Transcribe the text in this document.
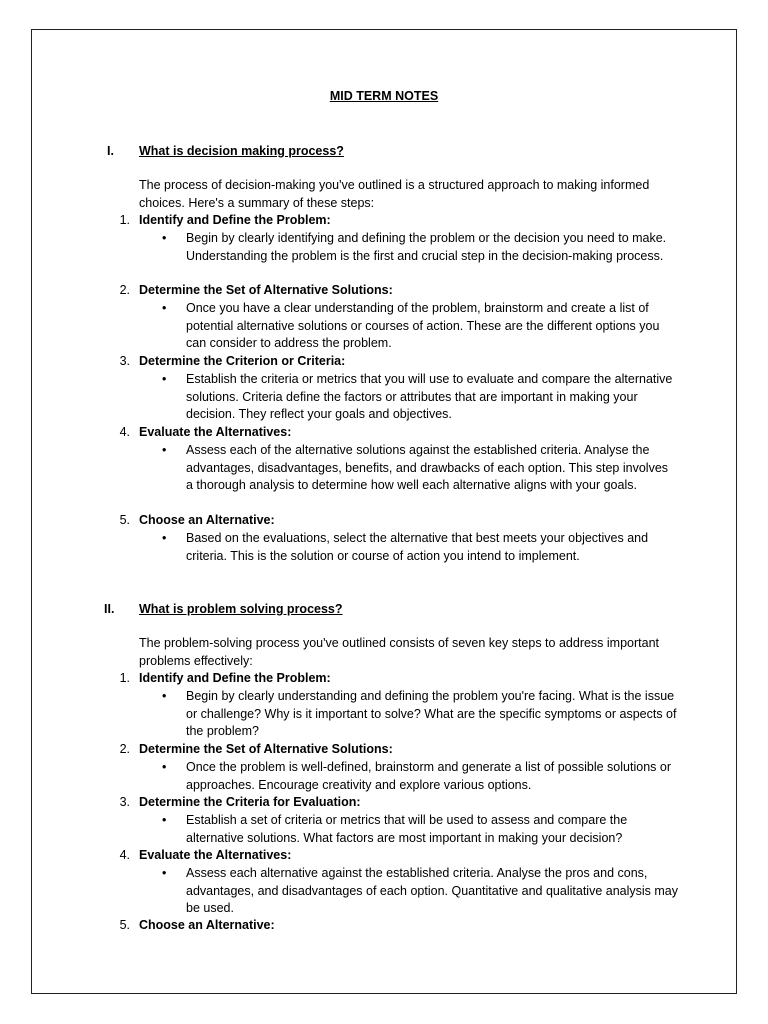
MID TERM NOTES
I. What is decision making process?
The process of decision-making you've outlined is a structured approach to making informed choices. Here's a summary of these steps:
1. Identify and Define the Problem:
• Begin by clearly identifying and defining the problem or the decision you need to make. Understanding the problem is the first and crucial step in the decision-making process.
2. Determine the Set of Alternative Solutions:
• Once you have a clear understanding of the problem, brainstorm and create a list of potential alternative solutions or courses of action. These are the different options you can consider to address the problem.
3. Determine the Criterion or Criteria:
• Establish the criteria or metrics that you will use to evaluate and compare the alternative solutions. Criteria define the factors or attributes that are important in making your decision. They reflect your goals and objectives.
4. Evaluate the Alternatives:
• Assess each of the alternative solutions against the established criteria. Analyse the advantages, disadvantages, benefits, and drawbacks of each option. This step involves a thorough analysis to determine how well each alternative aligns with your goals.
5. Choose an Alternative:
• Based on the evaluations, select the alternative that best meets your objectives and criteria. This is the solution or course of action you intend to implement.
II. What is problem solving process?
The problem-solving process you've outlined consists of seven key steps to address important problems effectively:
1. Identify and Define the Problem:
• Begin by clearly understanding and defining the problem you're facing. What is the issue or challenge? Why is it important to solve? What are the specific symptoms or aspects of the problem?
2. Determine the Set of Alternative Solutions:
• Once the problem is well-defined, brainstorm and generate a list of possible solutions or approaches. Encourage creativity and explore various options.
3. Determine the Criteria for Evaluation:
• Establish a set of criteria or metrics that will be used to assess and compare the alternative solutions. What factors are most important in making your decision?
4. Evaluate the Alternatives:
• Assess each alternative against the established criteria. Analyse the pros and cons, advantages, and disadvantages of each option. Quantitative and qualitative analysis may be used.
5. Choose an Alternative:
